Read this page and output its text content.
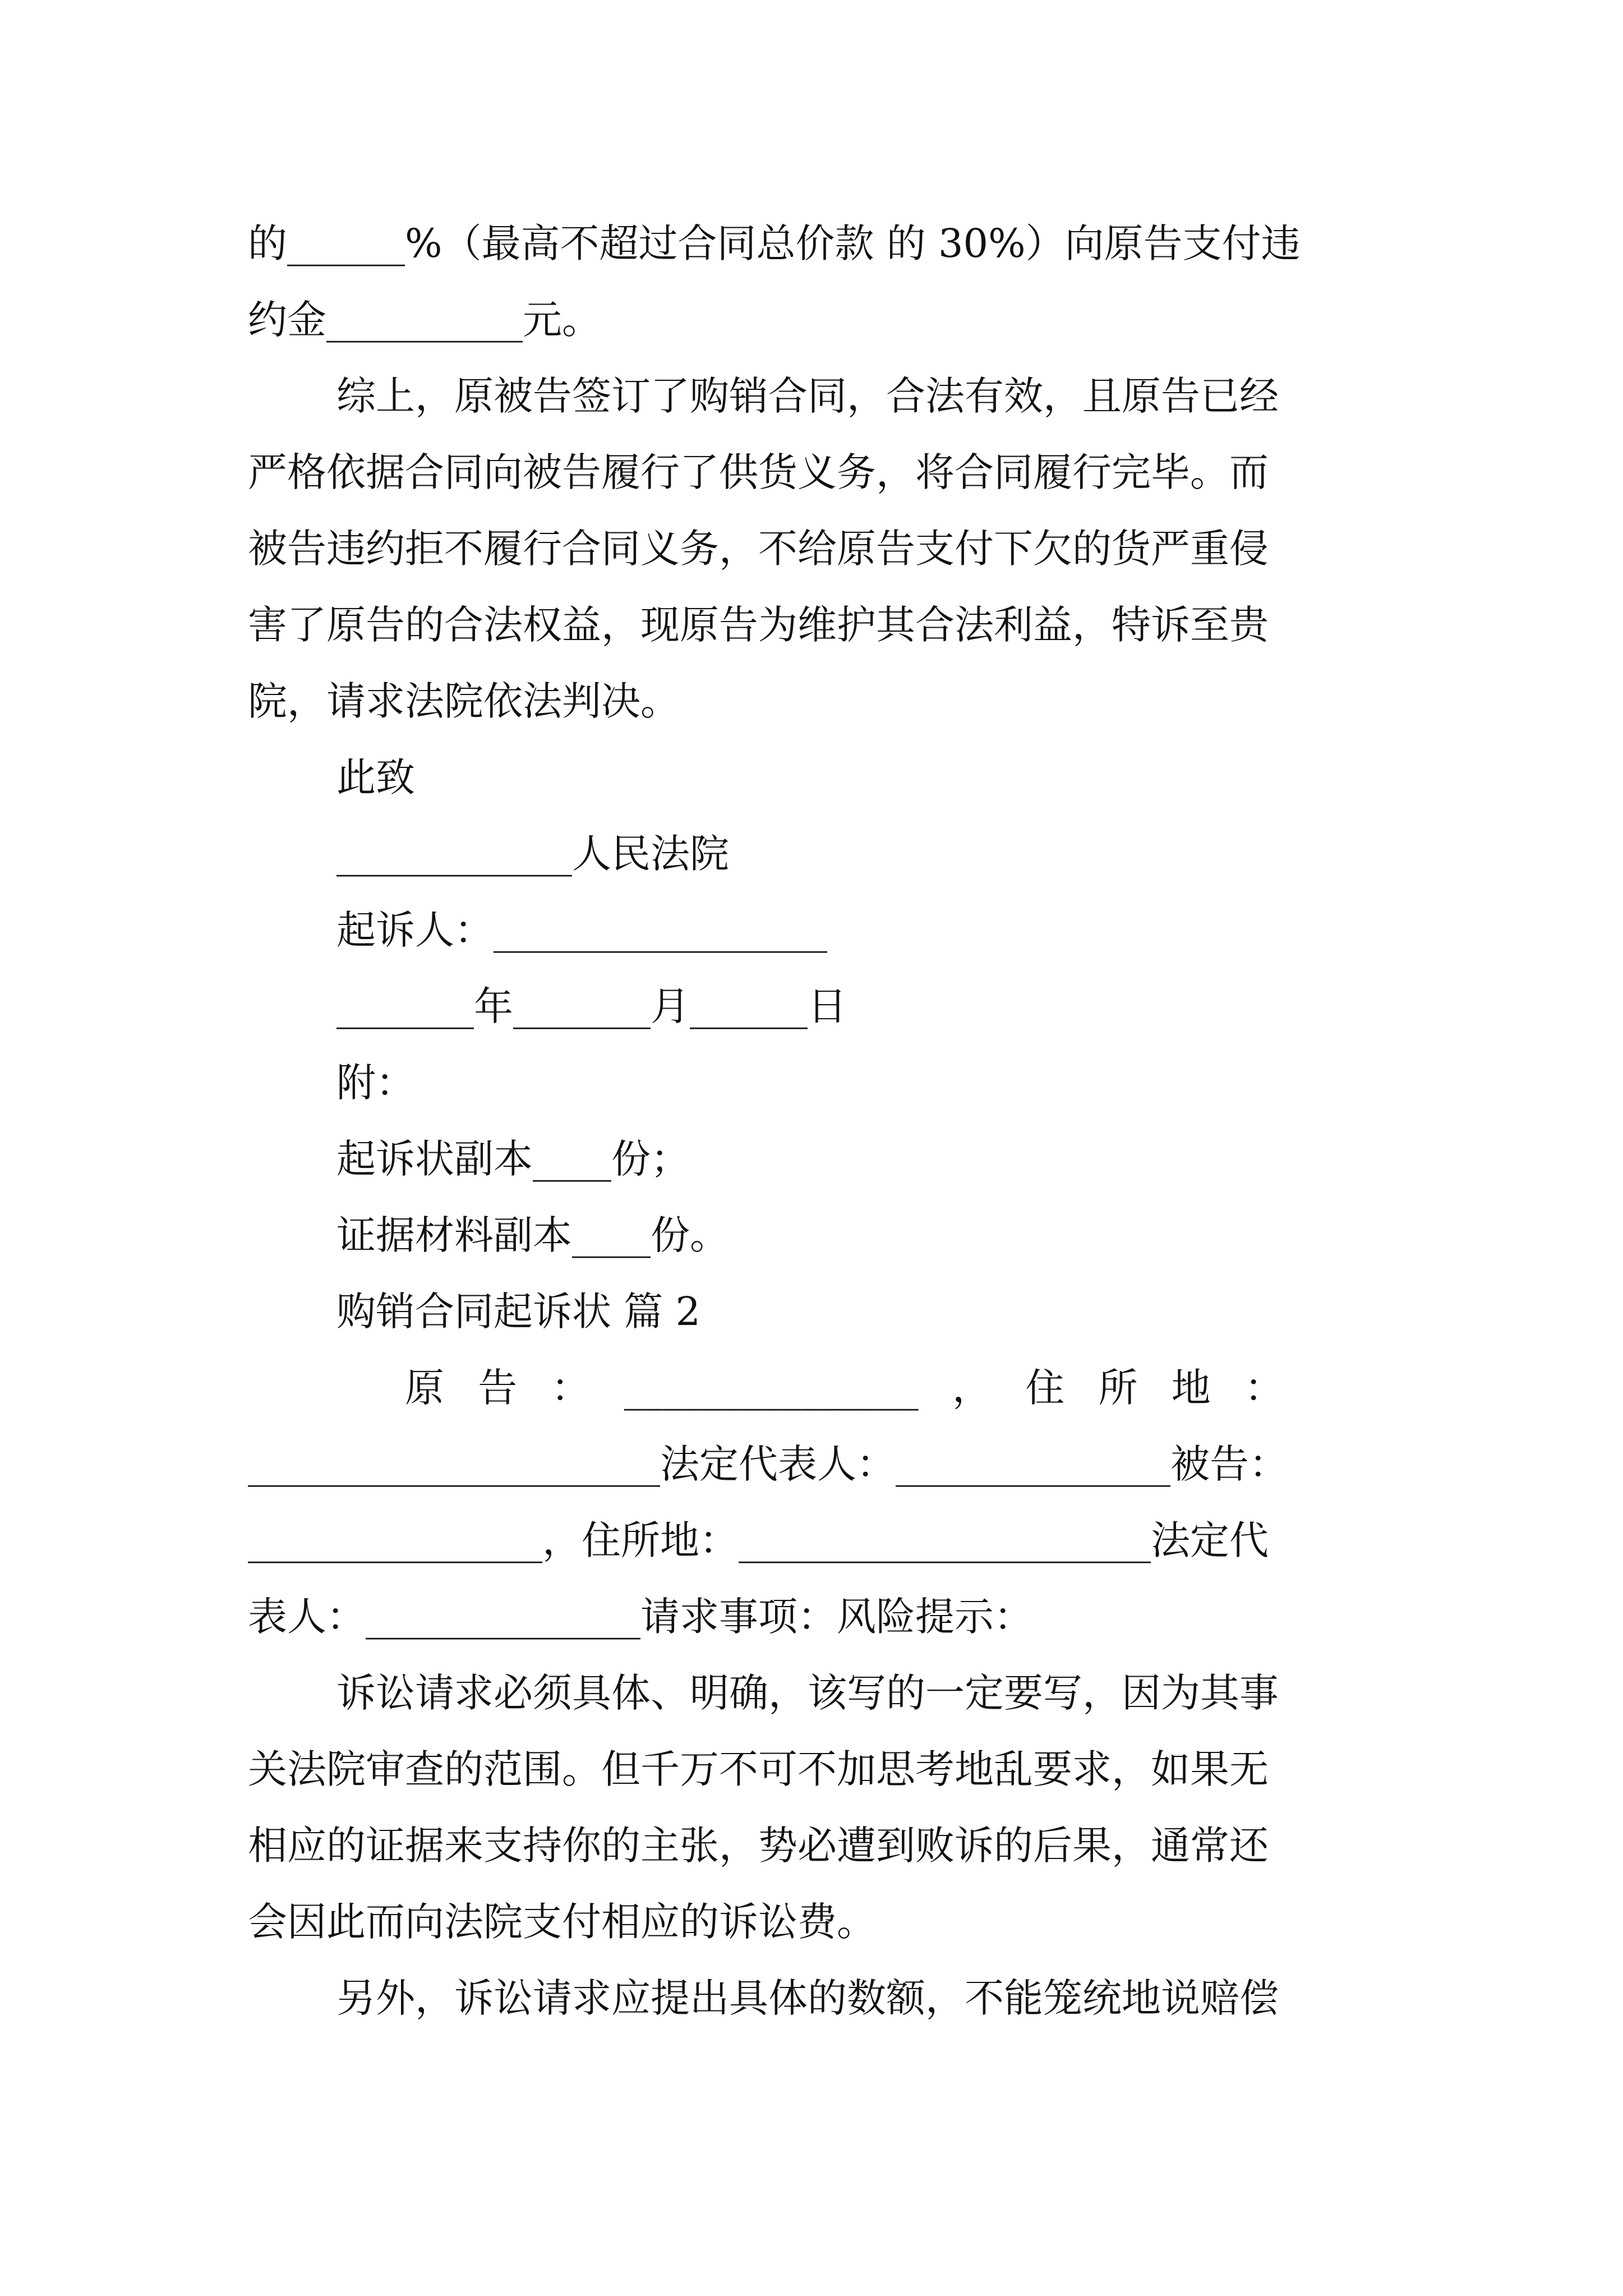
的______%（最高不超过合同总价款 的 30%）向原告支付违
约金__________元。
综上，原被告签订了购销合同，合法有效，且原告已经
严格依据合同向被告履行了供货义务，将合同履行完毕。而
被告违约拒不履行合同义务，不给原告支付下欠的货严重侵
害了原告的合法权益，现原告为维护其合法利益，特诉至贵
院，请求法院依法判决。
此致
____________人民法院
起诉人：_________________
_______年_______月______日
附：
起诉状副本____份；
证据材料副本____份。
购销合同起诉状 篇 2
原 告 ： _______________ ， 住 所 地 ：
_____________________法定代表人：______________被告：
_______________，住所地：_____________________法定代
表人：______________请求事项：风险提示：
诉讼请求必须具体、明确，该写的一定要写，因为其事
关法院审查的范围。但千万不可不加思考地乱要求，如果无
相应的证据来支持你的主张，势必遭到败诉的后果，通常还
会因此而向法院支付相应的诉讼费。
另外，诉讼请求应提出具体的数额，不能笼统地说赔偿
